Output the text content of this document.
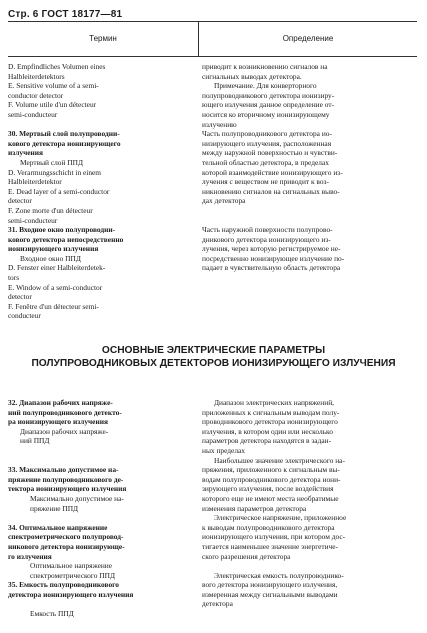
Стр. 6 ГОСТ 18177—81
Термин	Определение
D. Empfindliches Volumen eines
Halbleiterdetektors
E. Sensitive volume of a semi-
conductor detector
F. Volume utile d'un détecteur
semi-conducteur

30. Мертвый слой полупроводни-
кового детектора ионизирующего
излучения
Мертвый слой ППД
D. Verarmungsschicht in einem
Halbleiterdetektor
E. Dead layer of a semi-conductor
detector
F. Zone morte d'un détecteur
semi-conducteur
31. Входное окно полупроводни-
кового детектора непосредственно
ионизирующего излучения
Входное окно ППД
D. Fenster einer Halbleiterdetek-
tors
E. Window of a semi-conductor
detector
F. Fenêtre d'un détecteur semi-
conducteur
приводит к возникновению сигналов на
сигнальных выводах детектора.
Примечание. Для конверторного
полупроводникового детектора ионизиру-
ющего излучения данное определение от-
носится ко вторичному ионизирующему
излучению
Часть полупроводникового детектора ио-
низирующего излучения, расположенная
между наружной поверхностью и чувстви-
тельной областью детектора, в пределах
которой взаимодействие ионизирующего из-
лучения с веществом не приводит к воз-
никновению сигналов на сигнальных выво-
дах детектора

Часть наружной поверхности полупрово-
дникового детектора ионизирующего из-
лучения, через которую регистрируемое не-
посредственно ионизирующее излучение по-
падает в чувствительную область детектора
ОСНОВНЫЕ ЭЛЕКТРИЧЕСКИЕ ПАРАМЕТРЫ
ПОЛУПРОВОДНИКОВЫХ ДЕТЕКТОРОВ ИОНИЗИРУЮЩЕГО ИЗЛУЧЕНИЯ
32. Диапазон рабочих напряже-
ний полупроводникового детекто-
ра ионизирующего излучения
Диапазон рабочих напряже-
ний ППД

33. Максимально допустимое на-
пряжение полупроводникового де-
тектора ионизирующего излучения
Максимально допустимое на-
пряжение ППД

34. Оптимальное напряжение
спектрометрического полупровод-
никового детектора ионизирующе-
го излучения
Оптимальное напряжение
спектрометрического ППД
35. Емкость полупроводникового
детектора ионизирующего излучения

Емкость ППД
Диапазон электрических напряжений,
приложенных к сигнальным выводам полу-
проводникового детектора ионизирующего
излучения, в котором один или несколько
параметров детектора находятся в задан-
ных пределах
Наибольшее значение электрического на-
пряжения, приложенного к сигнальным вы-
водам полупроводникового детектора иони-
зирующего излучения, после воздействия
которого еще не имеют места необратимые
изменения параметров детектора
Электрическое напряжение, приложенное
к выводам полупроводникового детектора
ионизирующего излучения, при котором дос-
тигается наименьшее значение энергетиче-
ского разрешения детектора

Электрическая емкость полупроводнико-
вого детектора ионизирующего излучения,
измеренная между сигнальными выводами
детектора
